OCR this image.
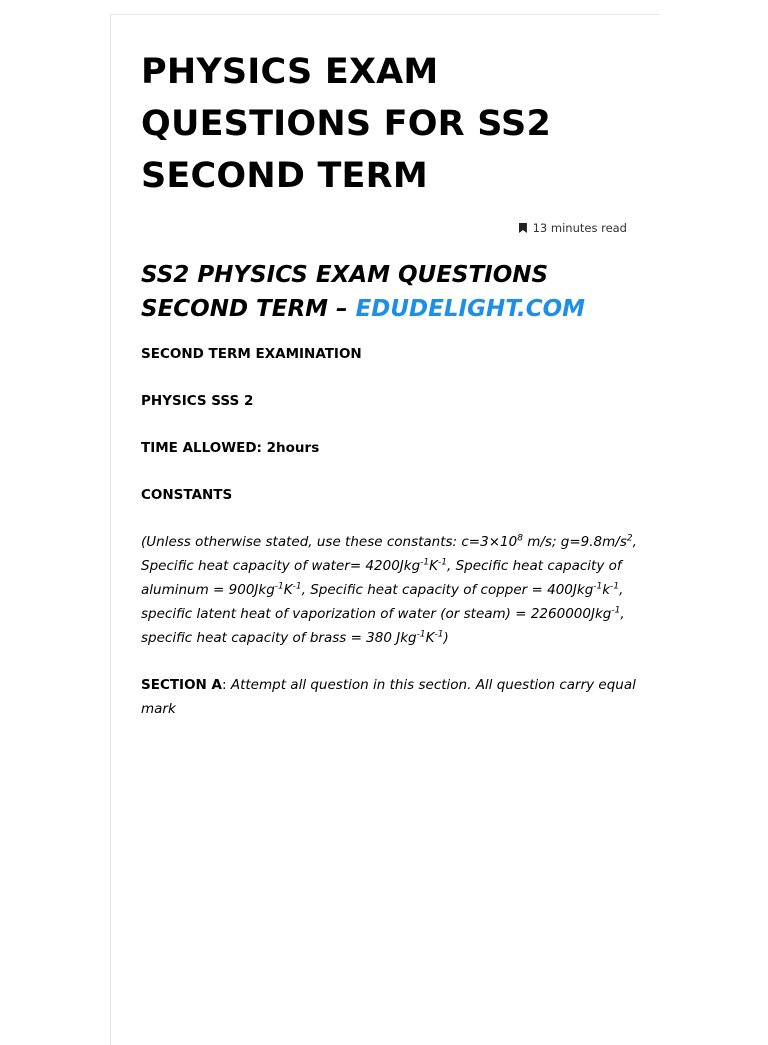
PHYSICS EXAM QUESTIONS FOR SS2 SECOND TERM
13 minutes read
SS2 PHYSICS EXAM QUESTIONS SECOND TERM – EDUDELIGHT.COM

SECOND TERM EXAMINATION

PHYSICS SSS 2

TIME ALLOWED: 2hours

CONSTANTS

(Unless otherwise stated, use these constants: $c=3\times 10^8$ m/s; $g=9.8m/s^2$, Specific heat capacity of water= $4200Jkg^{-1}K^{-1}$, Specific heat capacity of aluminum = $900Jkg^{-1}K^{-1}$, Specific heat capacity of copper = $400Jkg^{-1}k^{-1}$, specific latent heat of vaporization of water (or steam) = 2260000Jkg$^{-1}$, specific heat capacity of brass = 380 $Jkg^{-1}K^{-1}$)

SECTION A: Attempt all question in this section. All question carry equal mark
